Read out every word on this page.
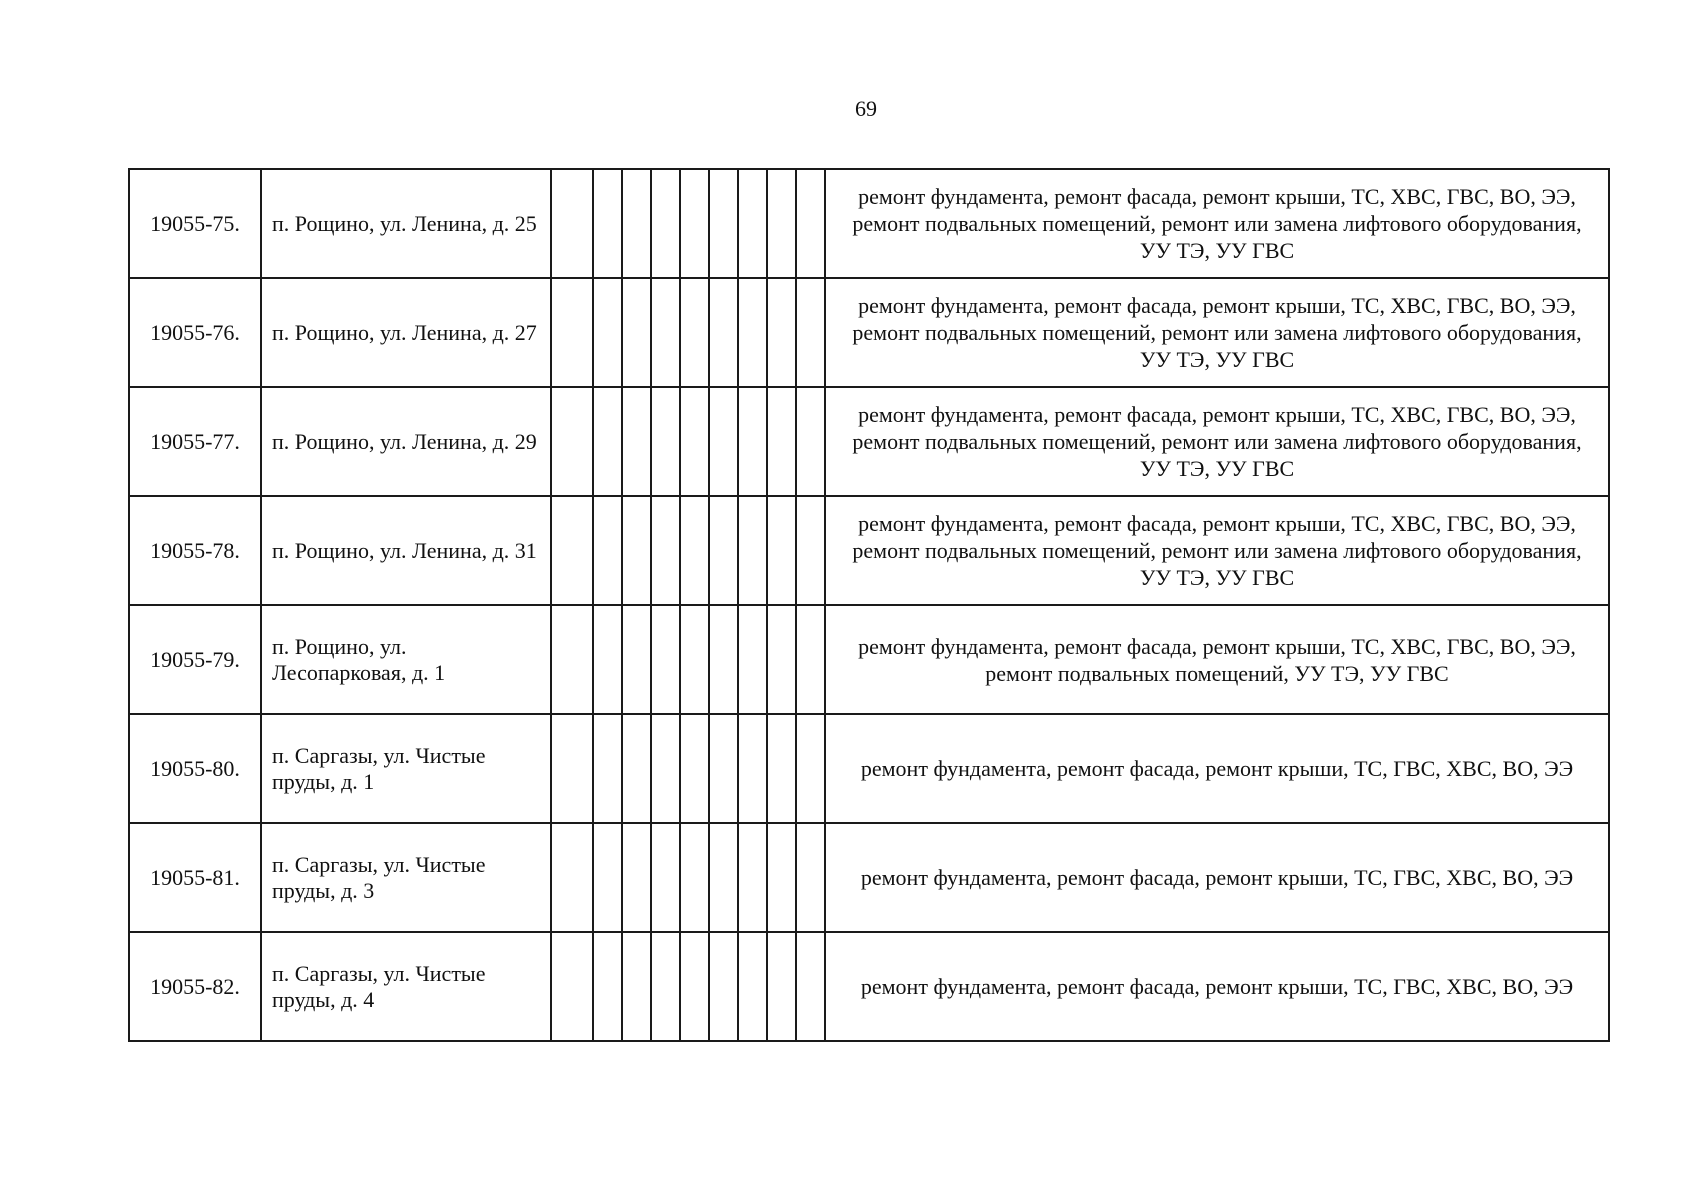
69
19055-75.	п. Рощино, ул. Ленина, д. 25										ремонт фундамента, ремонт фасада, ремонт крыши, ТС, ХВС, ГВС, ВО, ЭЭ, ремонт подвальных помещений, ремонт или замена лифтового оборудования, УУ ТЭ, УУ ГВС
19055-76.	п. Рощино, ул. Ленина, д. 27										ремонт фундамента, ремонт фасада, ремонт крыши, ТС, ХВС, ГВС, ВО, ЭЭ, ремонт подвальных помещений, ремонт или замена лифтового оборудования, УУ ТЭ, УУ ГВС
19055-77.	п. Рощино, ул. Ленина, д. 29										ремонт фундамента, ремонт фасада, ремонт крыши, ТС, ХВС, ГВС, ВО, ЭЭ, ремонт подвальных помещений, ремонт или замена лифтового оборудования, УУ ТЭ, УУ ГВС
19055-78.	п. Рощино, ул. Ленина, д. 31										ремонт фундамента, ремонт фасада, ремонт крыши, ТС, ХВС, ГВС, ВО, ЭЭ, ремонт подвальных помещений, ремонт или замена лифтового оборудования, УУ ТЭ, УУ ГВС
19055-79.	п. Рощино, ул. Лесопарковая, д. 1										ремонт фундамента, ремонт фасада, ремонт крыши, ТС, ХВС, ГВС, ВО, ЭЭ, ремонт подвальных помещений, УУ ТЭ, УУ ГВС
19055-80.	п. Саргазы, ул. Чистые пруды, д. 1										ремонт фундамента, ремонт фасада, ремонт крыши, ТС, ГВС, ХВС, ВО, ЭЭ
19055-81.	п. Саргазы, ул. Чистые пруды, д. 3										ремонт фундамента, ремонт фасада, ремонт крыши, ТС, ГВС, ХВС, ВО, ЭЭ
19055-82.	п. Саргазы, ул. Чистые пруды, д. 4										ремонт фундамента, ремонт фасада, ремонт крыши, ТС, ГВС, ХВС, ВО, ЭЭ
